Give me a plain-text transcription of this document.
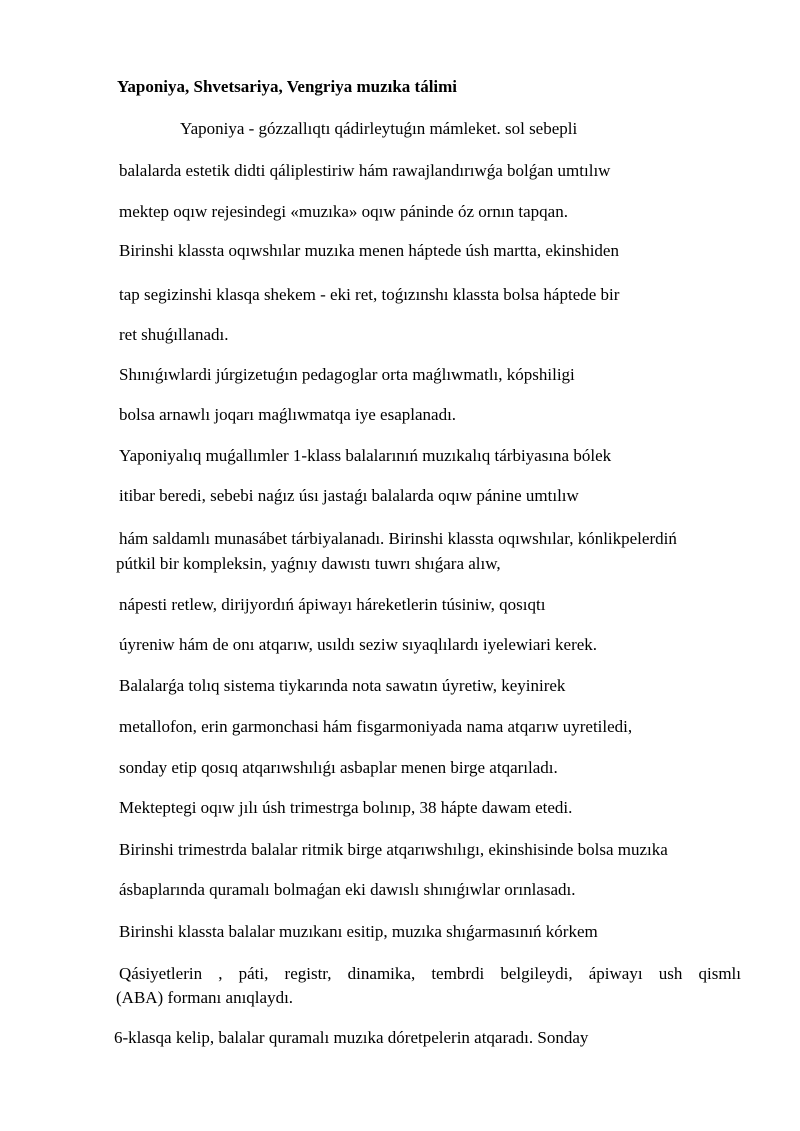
Yaponiya, Shvetsariya, Vengriya muzıka tálimi
Yaponiya - gózzallıqtı qádirleytuǵın mámleket. sol sebepli
balalarda estetik didti qáliplestiriw hám rawajlandırıwǵa bolǵan umtılıw
mektep oqıw rejesindegi «muzıka» oqıw páninde óz ornın tapqan.
Birinshi klassta oqıwshılar muzıka menen háptede úsh martta, ekinshiden
tap segizinshi klasqa shekem - eki ret, toǵızınshı klassta bolsa háptede bir
ret shuǵıllanadı.
Shınıǵıwlardi júrgizetuǵın pedagoglar orta maǵlıwmatlı, kópshiligi
bolsa arnawlı joqarı maǵlıwmatqa iye esaplanadı.
Yaponiyalıq muǵallımler 1-klass balalarınıń muzıkalıq tárbiyasına bólek
itibar beredi, sebebi naǵız úsı jastaǵı balalarda oqıw pánine umtılıw
hám saldamlı munasábet tárbiyalanadı. Birinshi klassta oqıwshılar, kónlikpelerdiń
pútkil bir kompleksin, yaǵnıy dawıstı tuwrı shıǵara alıw,
nápesti retlew, dirijyordıń ápiwayı háreketlerin túsiniw, qosıqtı
úyreniw hám de onı atqarıw, usıldı seziw sıyaqlılardı iyelewiari kerek.
Balalarǵa tolıq sistema tiykarında nota sawatın úyretiw, keyinirek
metallofon, erin garmonchasi hám fisgarmoniyada nama atqarıw uyretiledi,
sonday etip qosıq atqarıwshılıǵı asbaplar menen birge atqarıladı.
Mekteptegi oqıw jılı úsh trimestrga bolınıp, 38 hápte dawam etedi.
Birinshi trimestrda balalar ritmik birge atqarıwshılıgı, ekinshisinde bolsa muzıka
ásbaplarında quramalı bolmaǵan eki dawıslı shınıǵıwlar orınlasadı.
Birinshi klassta balalar muzıkanı esitip, muzıka shıǵarmasınıń kórkem
Qásiyetlerin , páti, registr, dinamika, tembrdi belgileydi, ápiwayı ush qismlı
(ABA) formanı anıqlaydı.
6-klasqa kelip, balalar quramalı muzıka dóretpelerin atqaradı. Sonday
